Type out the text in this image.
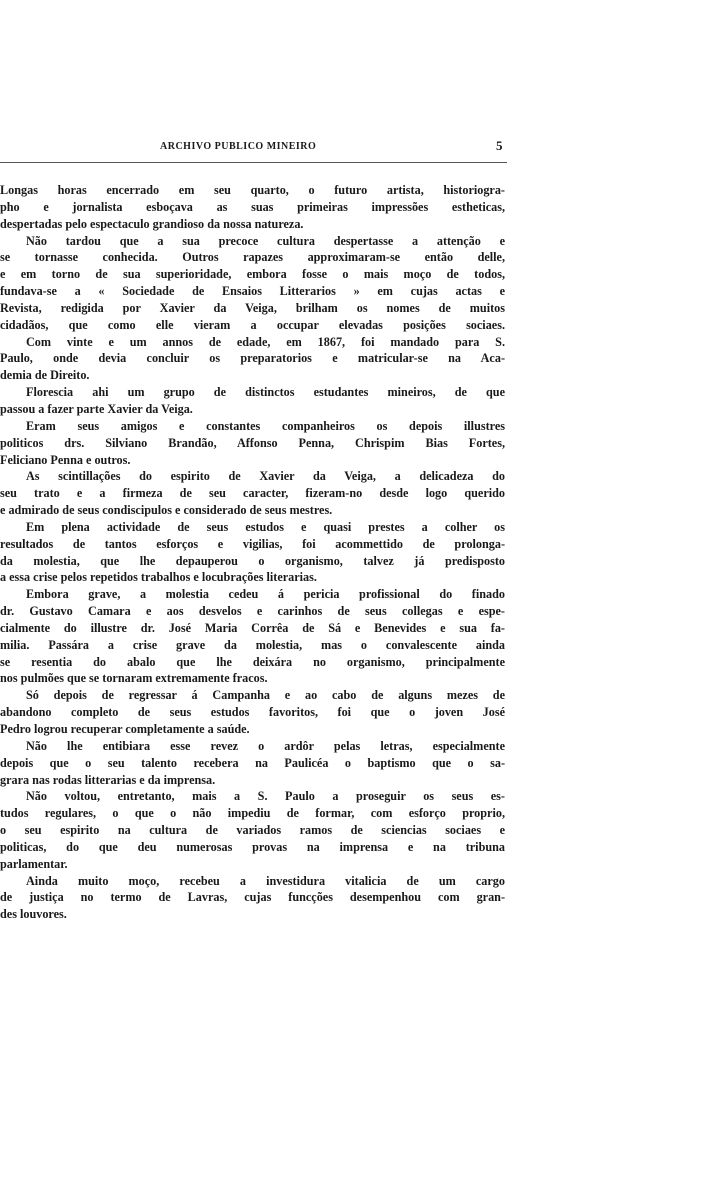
ARCHIVO PUBLICO MINEIRO	5
Longas horas encerrado em seu quarto, o futuro artista, historiogra-
pho e jornalista esboçava as suas primeiras impressões estheticas,
despertadas pelo espectaculo grandioso da nossa natureza.
Não tardou que a sua precoce cultura despertasse a attenção e
se tornasse conhecida. Outros rapazes approximaram-se então delle,
e em torno de sua superioridade, embora fosse o mais moço de todos,
fundava-se a « Sociedade de Ensaios Litterarios » em cujas actas e
Revista, redigida por Xavier da Veiga, brilham os nomes de muitos
cidadãos, que como elle vieram a occupar elevadas posições sociaes.
Com vinte e um annos de edade, em 1867, foi mandado para S.
Paulo, onde devia concluir os preparatorios e matricular-se na Aca-
demia de Direito.
Florescia ahi um grupo de distinctos estudantes mineiros, de que
passou a fazer parte Xavier da Veiga.
Eram seus amigos e constantes companheiros os depois illustres
politicos drs. Silviano Brandão, Affonso Penna, Chrispim Bias Fortes,
Feliciano Penna e outros.
As scintillações do espirito de Xavier da Veiga, a delicadeza do
seu trato e a firmeza de seu caracter, fizeram-no desde logo querido
e admirado de seus condiscipulos e considerado de seus mestres.
Em plena actividade de seus estudos e quasi prestes a colher os
resultados de tantos esforços e vigilias, foi acommettido de prolonga-
da molestia, que lhe depauperou o organismo, talvez já predisposto
a essa crise pelos repetidos trabalhos e locubrações literarias.
Embora grave, a molestia cedeu á pericia profissional do finado
dr. Gustavo Camara e aos desvelos e carinhos de seus collegas e espe-
cialmente do illustre dr. José Maria Corrêa de Sá e Benevides e sua fa-
milia. Passára a crise grave da molestia, mas o convalescente ainda
se resentia do abalo que lhe deixára no organismo, principalmente
nos pulmões que se tornaram extremamente fracos.
Só depois de regressar á Campanha e ao cabo de alguns mezes de
abandono completo de seus estudos favoritos, foi que o joven José
Pedro logrou recuperar completamente a saúde.
Não lhe entibiara esse revez o ardôr pelas letras, especialmente
depois que o seu talento recebera na Paulicéa o baptismo que o sa-
grara nas rodas litterarias e da imprensa.
Não voltou, entretanto, mais a S. Paulo a proseguir os seus es-
tudos regulares, o que o não impediu de formar, com esforço proprio,
o seu espirito na cultura de variados ramos de sciencias sociaes e
politicas, do que deu numerosas provas na imprensa e na tribuna
parlamentar.
Ainda muito moço, recebeu a investidura vitalicia de um cargo
de justiça no termo de Lavras, cujas funcções desempenhou com gran-
des louvores.
